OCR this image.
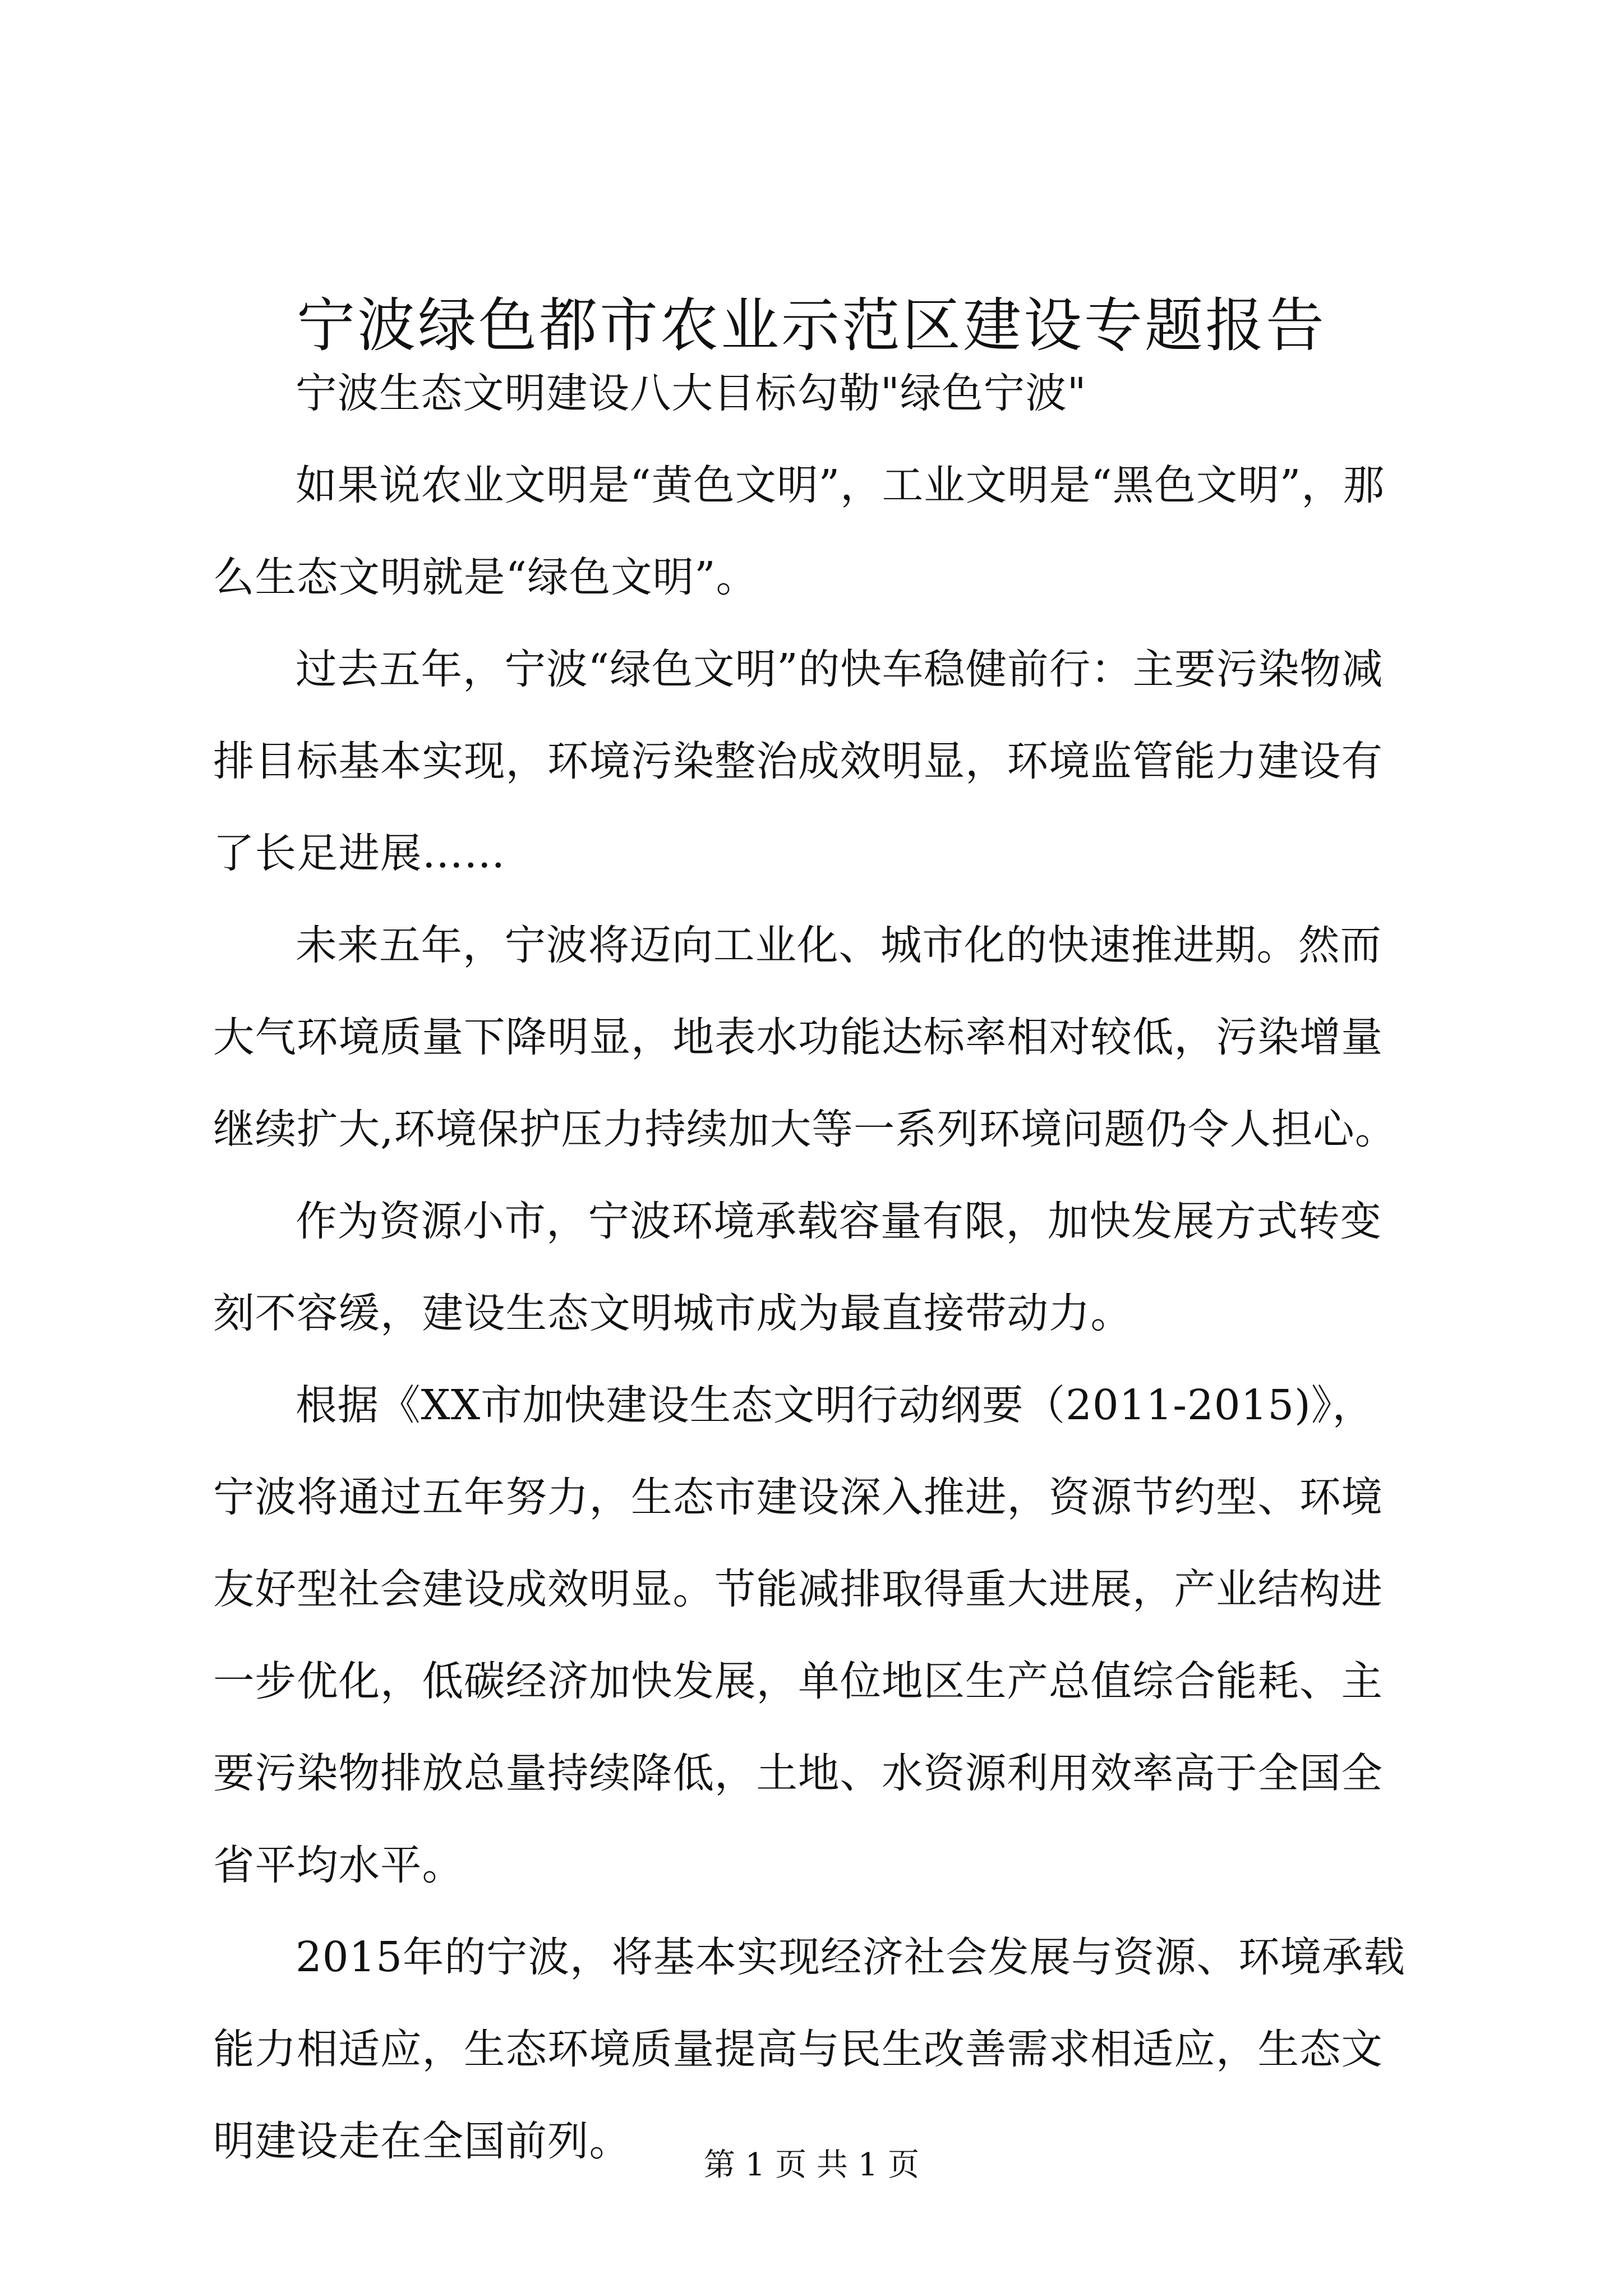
宁波绿色都市农业示范区建设专题报告

宁波生态文明建设八大目标勾勒"绿色宁波"

如果说农业文明是“黄色文明”，工业文明是“黑色文明”，那么生态文明就是“绿色文明”。

过去五年，宁波“绿色文明”的快车稳健前行：主要污染物减排目标基本实现，环境污染整治成效明显，环境监管能力建设有了长足进展……

未来五年，宁波将迈向工业化、城市化的快速推进期。然而大气环境质量下降明显，地表水功能达标率相对较低，污染增量继续扩大,环境保护压力持续加大等一系列环境问题仍令人担心。

作为资源小市，宁波环境承载容量有限，加快发展方式转变刻不容缓，建设生态文明城市成为最直接带动力。

根据《XX市加快建设生态文明行动纲要（2011-2015)》，宁波将通过五年努力，生态市建设深入推进，资源节约型、环境友好型社会建设成效明显。节能减排取得重大进展，产业结构进一步优化，低碳经济加快发展，单位地区生产总值综合能耗、主要污染物排放总量持续降低，土地、水资源利用效率高于全国全省平均水平。

2015年的宁波，将基本实现经济社会发展与资源、环境承载能力相适应，生态环境质量提高与民生改善需求相适应，生态文明建设走在全国前列。	第 1 页 共 1 页
